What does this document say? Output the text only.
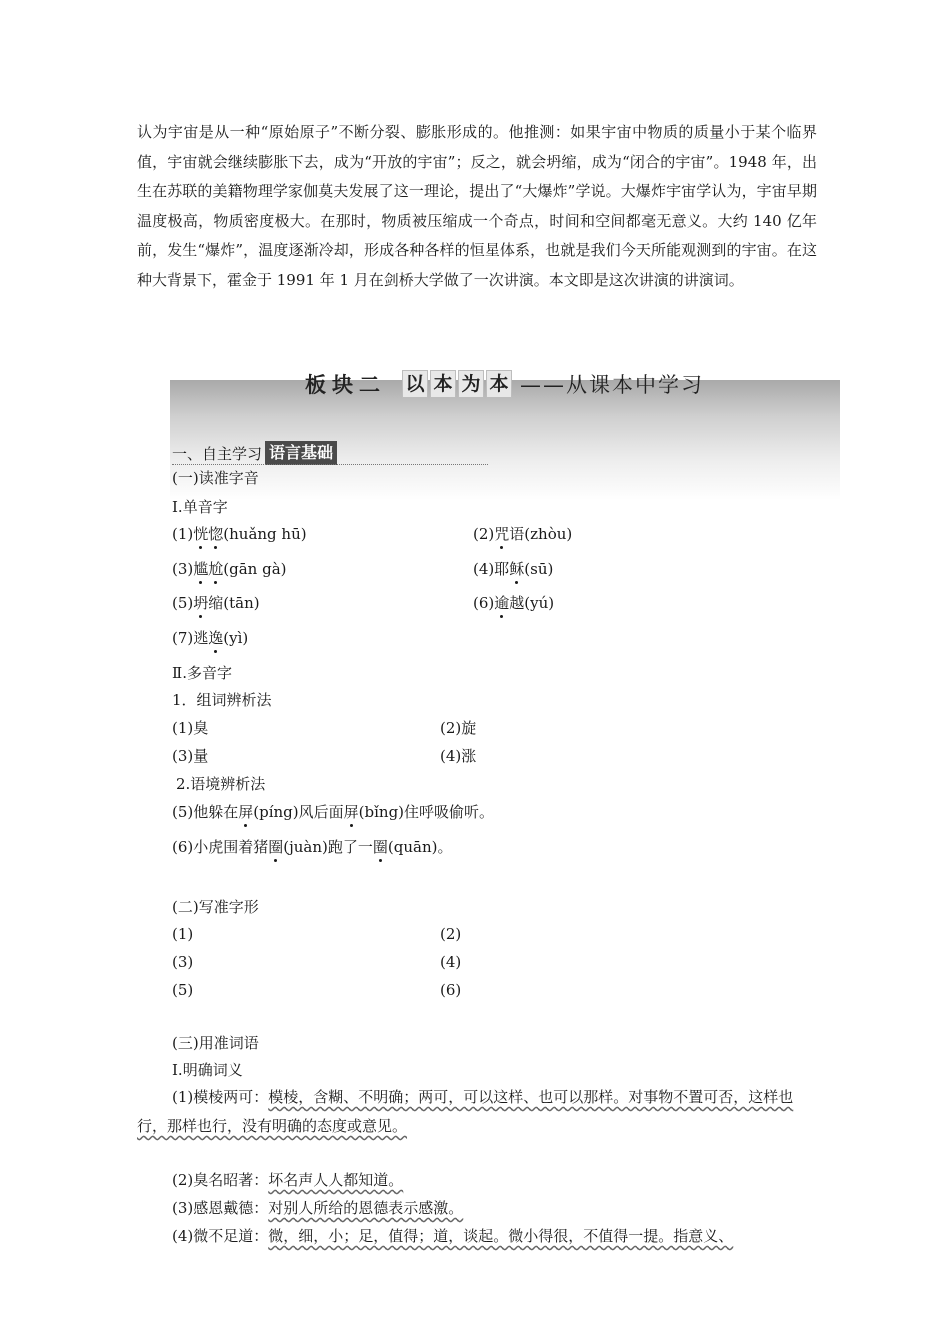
认为宇宙是从一种“原始原子”不断分裂、膨胀形成的。他推测：如果宇宙中物质的质量小于某个临界值，宇宙就会继续膨胀下去，成为“开放的宇宙”；反之，就会坍缩，成为“闭合的宇宙”。1948 年，出生在苏联的美籍物理学家伽莫夫发展了这一理论，提出了“大爆炸”学说。大爆炸宇宙学认为，宇宙早期温度极高，物质密度极大。在那时，物质被压缩成一个奇点，时间和空间都毫无意义。大约 140 亿年前，发生“爆炸”，温度逐渐冷却，形成各种各样的恒星体系，也就是我们今天所能观测到的宇宙。在这种大背景下，霍金于 1991 年 1 月在剑桥大学做了一次讲演。本文即是这次讲演的讲演词。
板块二 以 本 为 本 ——从课本中学习
一、自主学习 语言基础
(一)读准字音
Ⅰ.单音字
(1)恍惚(huǎng hū)	(2)咒语(zhòu)
(3)尴尬(gān gà)	(4)耶稣(sū)
(5)坍缩(tān)	(6)逾越(yú)
(7)逃逸(yì)
Ⅱ.多音字
1．组词辨析法
(1)臭	(2)旋
(3)量	(4)涨
2.语境辨析法
(5)他躲在屏(píng)风后面屏(bǐng)住呼吸偷听。
(6)小虎围着猪圈(juàn)跑了一圈(quān)。
(二)写准字形
(1)	(2)
(3)	(4)
(5)	(6)
(三)用准词语
Ⅰ.明确词义
(1)模棱两可：模棱，含糊、不明确；两可，可以这样、也可以那样。对事物不置可否，这样也行，那样也行，没有明确的态度或意见。
(2)臭名昭著：坏名声人人都知道。
(3)感恩戴德：对别人所给的恩德表示感激。
(4)微不足道：微，细，小；足，值得；道，谈起。微小得很，不值得一提。指意义、
